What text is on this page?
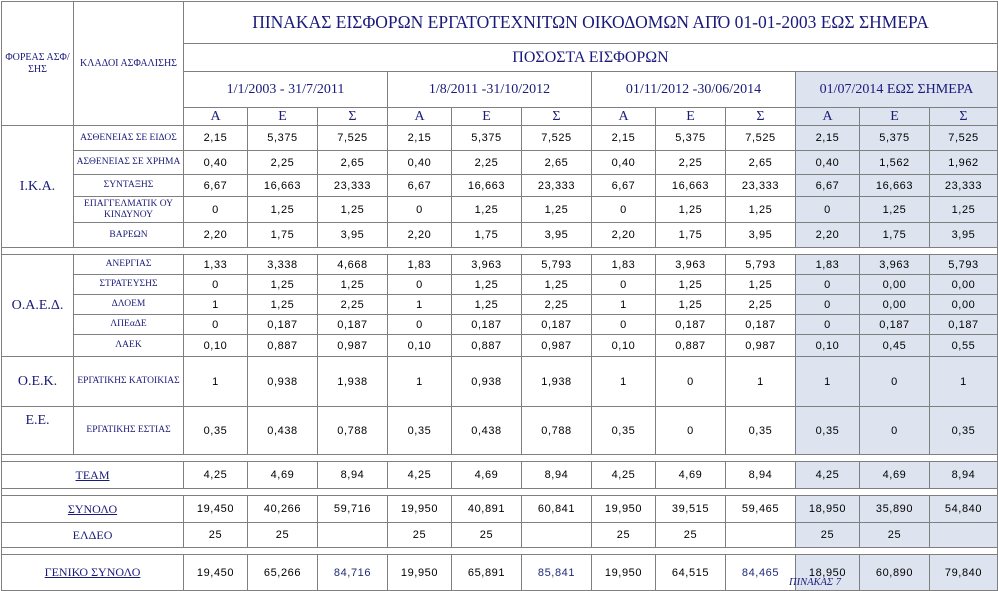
ΦΟΡΕΑΣ ΑΣΦ/ΣΗΣ	ΚΛΑΔΟΙ ΑΣΦΑΛΙΣΗΣ	ΠΙΝΑΚΑΣ ΕΙΣΦΟΡΩΝ ΕΡΓΑΤΟΤΕΧΝΙΤΩΝ ΟΙΚΟΔΟΜΩΝ ΑΠΌ 01-01-2003 ΕΩΣ ΣΗΜΕΡΑ											
		ΠΟΣΟΣΤΑ ΕΙΣΦΟΡΩΝ											
		1/1/2003 - 31/7/2011			1/8/2011 -31/10/2012			01/11/2012 -30/06/2014			01/07/2014 ΕΩΣ ΣΗΜΕΡΑ		
		Α	Ε	Σ	Α	Ε	Σ	Α	Ε	Σ	Α	Ε	Σ
Ι.Κ.Α.	ΑΣΘΕΝΕΙΑΣ ΣΕ ΕΙΔΟΣ	2,15	5,375	7,525	2,15	5,375	7,525	2,15	5,375	7,525	2,15	5,375	7,525
	ΑΣΘΕΝΕΙΑΣ ΣΕ ΧΡΗΜΑ	0,40	2,25	2,65	0,40	2,25	2,65	0,40	2,25	2,65	0,40	1,562	1,962
	ΣΥΝΤΑΞΗΣ	6,67	16,663	23,333	6,67	16,663	23,333	6,67	16,663	23,333	6,67	16,663	23,333
	ΕΠΑΓΓΕΛΜΑΤΙΚ ΟΥ ΚΙΝΔΥΝΟΥ	0	1,25	1,25	0	1,25	1,25	0	1,25	1,25	0	1,25	1,25
	ΒΑΡΕΩΝ	2,20	1,75	3,95	2,20	1,75	3,95	2,20	1,75	3,95	2,20	1,75	3,95

Ο.Α.Ε.Δ.	ΑΝΕΡΓΙΑΣ	1,33	3,338	4,668	1,83	3,963	5,793	1,83	3,963	5,793	1,83	3,963	5,793
	ΣΤΡΑΤΕΥΣΗΣ	0	1,25	1,25	0	1,25	1,25	0	1,25	1,25	0	0,00	0,00
	ΔΛΟΕΜ	1	1,25	2,25	1	1,25	2,25	1	1,25	2,25	0	0,00	0,00
	ΛΠΕαΔΕ	0	0,187	0,187	0	0,187	0,187	0	0,187	0,187	0	0,187	0,187
	ΛΑΕΚ	0,10	0,887	0,987	0,10	0,887	0,987	0,10	0,887	0,987	0,10	0,45	0,55
Ο.Ε.Κ.	ΕΡΓΑΤΙΚΗΣ ΚΑΤΟΙΚΙΑΣ	1	0,938	1,938	1	0,938	1,938	1	0	1	1	0	1
Ε.Ε.	ΕΡΓΑΤΙΚΗΣ ΕΣΤΙΑΣ	0,35	0,438	0,788	0,35	0,438	0,788	0,35	0	0,35	0,35	0	0,35

ΤΕΑΜ		4,25	4,69	8,94	4,25	4,69	8,94	4,25	4,69	8,94	4,25	4,69	8,94

ΣΥΝΟΛΟ		19,450	40,266	59,716	19,950	40,891	60,841	19,950	39,515	59,465	18,950	35,890	54,840
ΕΛΔΕΟ		25	25		25	25		25	25		25	25	

ΓΕΝΙΚΟ ΣΥΝΟΛΟ		19,450	65,266	84,716	19,950	65,891	85,841	19,950	64,515	84,465	18,950	60,890	79,840
ΠΙΝΑΚΑΣ 7
